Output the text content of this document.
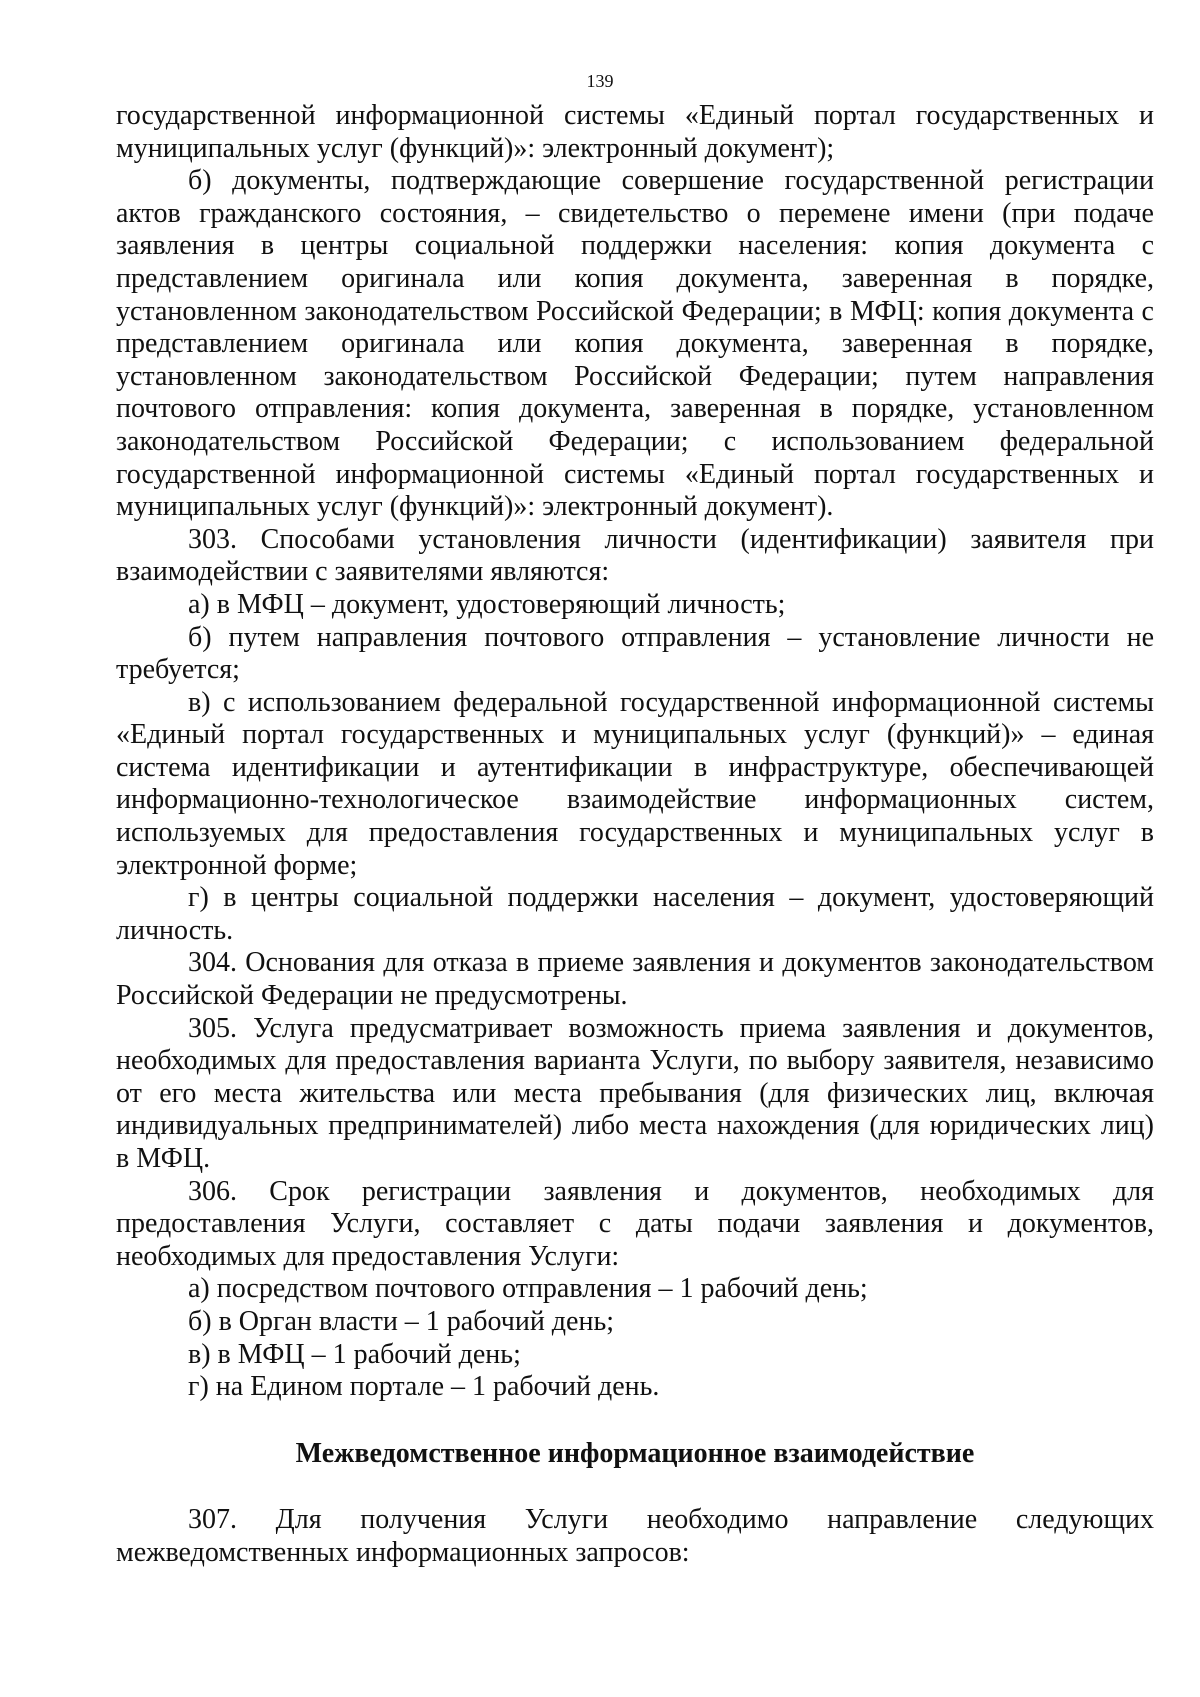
139

государственной информационной системы «Единый портал государственных и муниципальных услуг (функций)»: электронный документ);

б) документы, подтверждающие совершение государственной регистрации актов гражданского состояния, – свидетельство о перемене имени (при подаче заявления в центры социальной поддержки населения: копия документа с представлением оригинала или копия документа, заверенная в порядке, установленном законодательством Российской Федерации; в МФЦ: копия документа с представлением оригинала или копия документа, заверенная в порядке, установленном законодательством Российской Федерации; путем направления почтового отправления: копия документа, заверенная в порядке, установленном законодательством Российской Федерации; с использованием федеральной государственной информационной системы «Единый портал государственных и муниципальных услуг (функций)»: электронный документ).

303. Способами установления личности (идентификации) заявителя при взаимодействии с заявителями являются:

а) в МФЦ – документ, удостоверяющий личность;

б) путем направления почтового отправления – установление личности не требуется;

в) с использованием федеральной государственной информационной системы «Единый портал государственных и муниципальных услуг (функций)» – единая система идентификации и аутентификации в инфраструктуре, обеспечивающей информационно-технологическое взаимодействие информационных систем, используемых для предоставления государственных и муниципальных услуг в электронной форме;

г) в центры социальной поддержки населения – документ, удостоверяющий личность.

304. Основания для отказа в приеме заявления и документов законодательством Российской Федерации не предусмотрены.

305. Услуга предусматривает возможность приема заявления и документов, необходимых для предоставления варианта Услуги, по выбору заявителя, независимо от его места жительства или места пребывания (для физических лиц, включая индивидуальных предпринимателей) либо места нахождения (для юридических лиц) в МФЦ.

306. Срок регистрации заявления и документов, необходимых для предоставления Услуги, составляет с даты подачи заявления и документов, необходимых для предоставления Услуги:

а) посредством почтового отправления – 1 рабочий день;

б) в Орган власти – 1 рабочий день;

в) в МФЦ – 1 рабочий день;

г) на Едином портале – 1 рабочий день.

Межведомственное информационное взаимодействие

307. Для получения Услуги необходимо направление следующих межведомственных информационных запросов:
